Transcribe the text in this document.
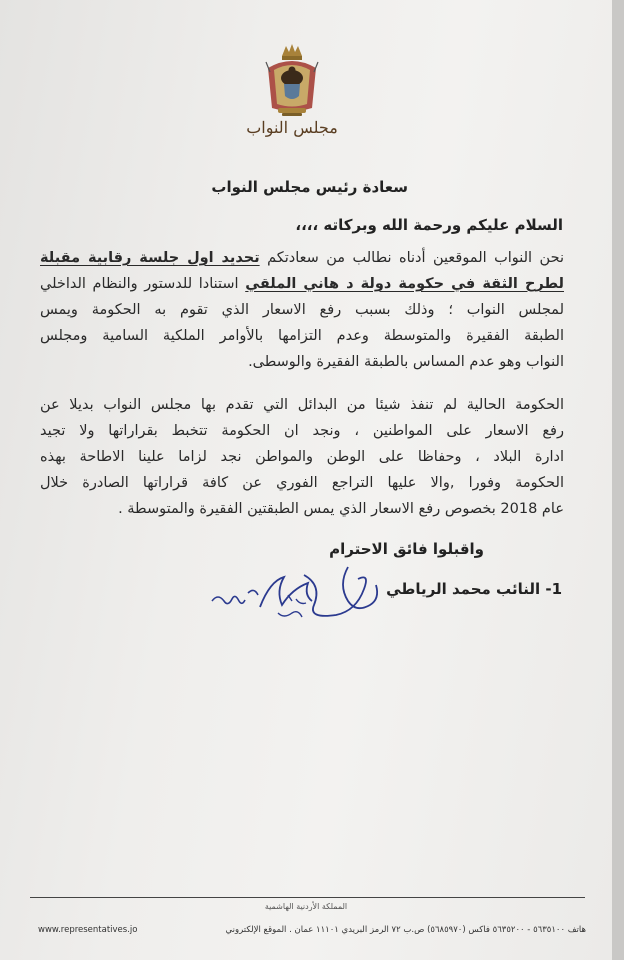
مجلس النواب
سعادة رئيس مجلس النواب
السلام عليكم ورحمة الله وبركاته ،،،،
نحن النواب الموقعين أدناه نطالب من سعادتكم تحديد اول جلسة رقابية مقبلة
لطرح الثقة في حكومة دولة د هاني الملقي استنادا للدستور والنظام الداخلي
لمجلس النواب ؛ وذلك بسبب رفع الاسعار الذي تقوم به الحكومة ويمس
الطبقة الفقيرة والمتوسطة وعدم التزامها بالأوامر الملكية السامية ومجلس
النواب وهو عدم المساس بالطبقة الفقيرة والوسطى.
الحكومة الحالية لم تنفذ شيئا من البدائل التي تقدم بها مجلس النواب بديلا عن
رفع الاسعار على المواطنين ، ونجد ان الحكومة تتخبط بقراراتها ولا تجيد
ادارة البلاد ، وحفاظا على الوطن والمواطن نجد لزاما علينا الاطاحة بهذه
الحكومة وفورا ,والا عليها التراجع الفوري عن كافة قراراتها الصادرة خلال
عام 2018 بخصوص رفع الاسعار الذي يمس الطبقتين الفقيرة والمتوسطة .
واقبلوا فائق الاحترام
1- النائب محمد الرياطي
المملكة الأردنية الهاشمية
هاتف ٥٦٣٥١٠٠ - ٥٦٣٥٢٠٠ فاكس (٥٦٨٥٩٧٠) ص.ب ٧٢ الرمز البريدي ١١١٠١ عمان . الموقع الإلكتروني
www.representatives.jo
